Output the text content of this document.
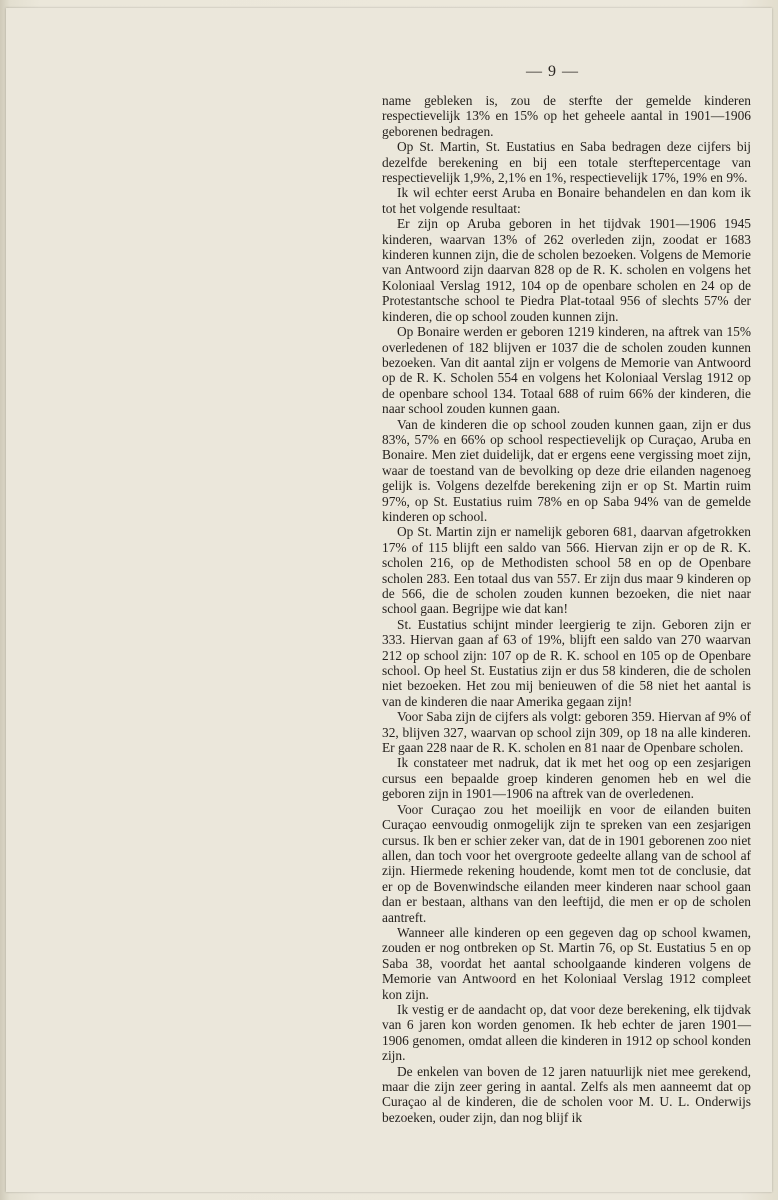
— 9 —

name gebleken is, zou de sterfte der gemelde kinderen respectievelijk 13% en 15% op het geheele aantal in 1901—1906 geborenen bedragen.

Op St. Martin, St. Eustatius en Saba bedragen deze cijfers bij dezelfde berekening en bij een totale sterftepercentage van respectievelijk 1,9%, 2,1% en 1%, respectievelijk 17%, 19% en 9%.

Ik wil echter eerst Aruba en Bonaire behandelen en dan kom ik tot het volgende resultaat:

Er zijn op Aruba geboren in het tijdvak 1901—1906 1945 kinderen, waarvan 13% of 262 overleden zijn, zoodat er 1683 kinderen kunnen zijn, die de scholen bezoeken. Volgens de Memorie van Antwoord zijn daarvan 828 op de R. K. scholen en volgens het Koloniaal Verslag 1912, 104 op de openbare scholen en 24 op de Protestantsche school te Piedra Plat-totaal 956 of slechts 57% der kinderen, die op school zouden kunnen zijn.

Op Bonaire werden er geboren 1219 kinderen, na aftrek van 15% overledenen of 182 blijven er 1037 die de scholen zouden kunnen bezoeken. Van dit aantal zijn er volgens de Memorie van Antwoord op de R. K. Scholen 554 en volgens het Koloniaal Verslag 1912 op de openbare school 134. Totaal 688 of ruim 66% der kinderen, die naar school zouden kunnen gaan.

Van de kinderen die op school zouden kunnen gaan, zijn er dus 83%, 57% en 66% op school respectievelijk op Curaçao, Aruba en Bonaire. Men ziet duidelijk, dat er ergens eene vergissing moet zijn, waar de toestand van de bevolking op deze drie eilanden nagenoeg gelijk is. Volgens dezelfde berekening zijn er op St. Martin ruim 97%, op St. Eustatius ruim 78% en op Saba 94% van de gemelde kinderen op school.

Op St. Martin zijn er namelijk geboren 681, daarvan afgetrokken 17% of 115 blijft een saldo van 566. Hiervan zijn er op de R. K. scholen 216, op de Methodisten school 58 en op de Openbare scholen 283. Een totaal dus van 557. Er zijn dus maar 9 kinderen op de 566, die de scholen zouden kunnen bezoeken, die niet naar school gaan. Begrijpe wie dat kan!

St. Eustatius schijnt minder leergierig te zijn. Geboren zijn er 333. Hiervan gaan af 63 of 19%, blijft een saldo van 270 waarvan 212 op school zijn: 107 op de R. K. school en 105 op de Openbare school. Op heel St. Eustatius zijn er dus 58 kinderen, die de scholen niet bezoeken. Het zou mij benieuwen of die 58 niet het aantal is van de kinderen die naar Amerika gegaan zijn!

Voor Saba zijn de cijfers als volgt: geboren 359. Hiervan af 9% of 32, blijven 327, waarvan op school zijn 309, op 18 na alle kinderen. Er gaan 228 naar de R. K. scholen en 81 naar de Openbare scholen.

Ik constateer met nadruk, dat ik met het oog op een zesjarigen cursus een bepaalde groep kinderen genomen heb en wel die geboren zijn in 1901—1906 na aftrek van de overledenen.

Voor Curaçao zou het moeilijk en voor de eilanden buiten Curaçao eenvoudig onmogelijk zijn te spreken van een zesjarigen cursus. Ik ben er schier zeker van, dat de in 1901 geborenen zoo niet allen, dan toch voor het overgroote gedeelte allang van de school af zijn. Hiermede rekening houdende, komt men tot de conclusie, dat er op de Bovenwindsche eilanden meer kinderen naar school gaan dan er bestaan, althans van den leeftijd, die men er op de scholen aantreft.

Wanneer alle kinderen op een gegeven dag op school kwamen, zouden er nog ontbreken op St. Martin 76, op St. Eustatius 5 en op Saba 38, voordat het aantal schoolgaande kinderen volgens de Memorie van Antwoord en het Koloniaal Verslag 1912 compleet kon zijn.

Ik vestig er de aandacht op, dat voor deze berekening, elk tijdvak van 6 jaren kon worden genomen. Ik heb echter de jaren 1901—1906 genomen, omdat alleen die kinderen in 1912 op school konden zijn.

De enkelen van boven de 12 jaren natuurlijk niet mee gerekend, maar die zijn zeer gering in aantal. Zelfs als men aanneemt dat op Curaçao al de kinderen, die de scholen voor M. U. L. Onderwijs bezoeken, ouder zijn, dan nog blijf ik
